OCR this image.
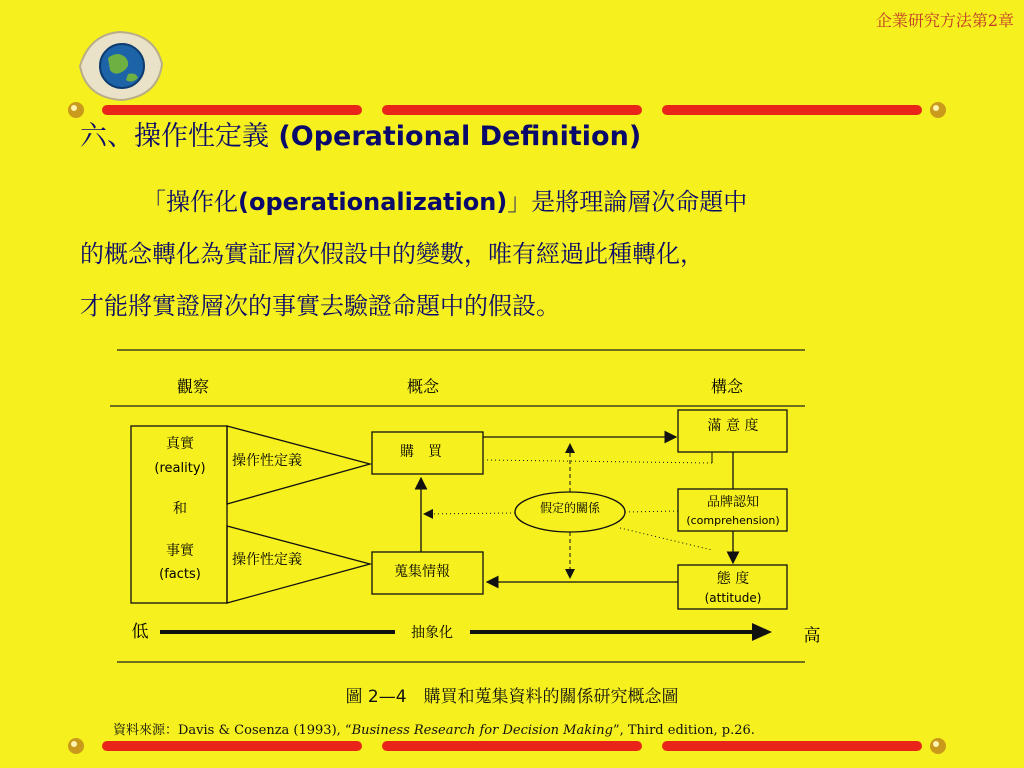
企業研究方法第2章
六、操作性定義 (Operational Definition)
「操作化(operationalization)」是將理論層次命題中
的概念轉化為實証層次假設中的變數，唯有經過此種轉化，
才能將實證層次的事實去驗證命題中的假設。
觀察	概念	構念
真實
(reality)
和
事實
(facts)
操作性定義
操作性定義
購　買
蒐集情報
假定的關係
滿 意 度
品牌認知
(comprehension)
態 度
(attitude)
低	抽象化	高
圖 2—4　購買和蒐集資料的關係研究概念圖
資料來源：Davis & Cosenza (1993), “Business Research for Decision Making”, Third edition, p.26.
